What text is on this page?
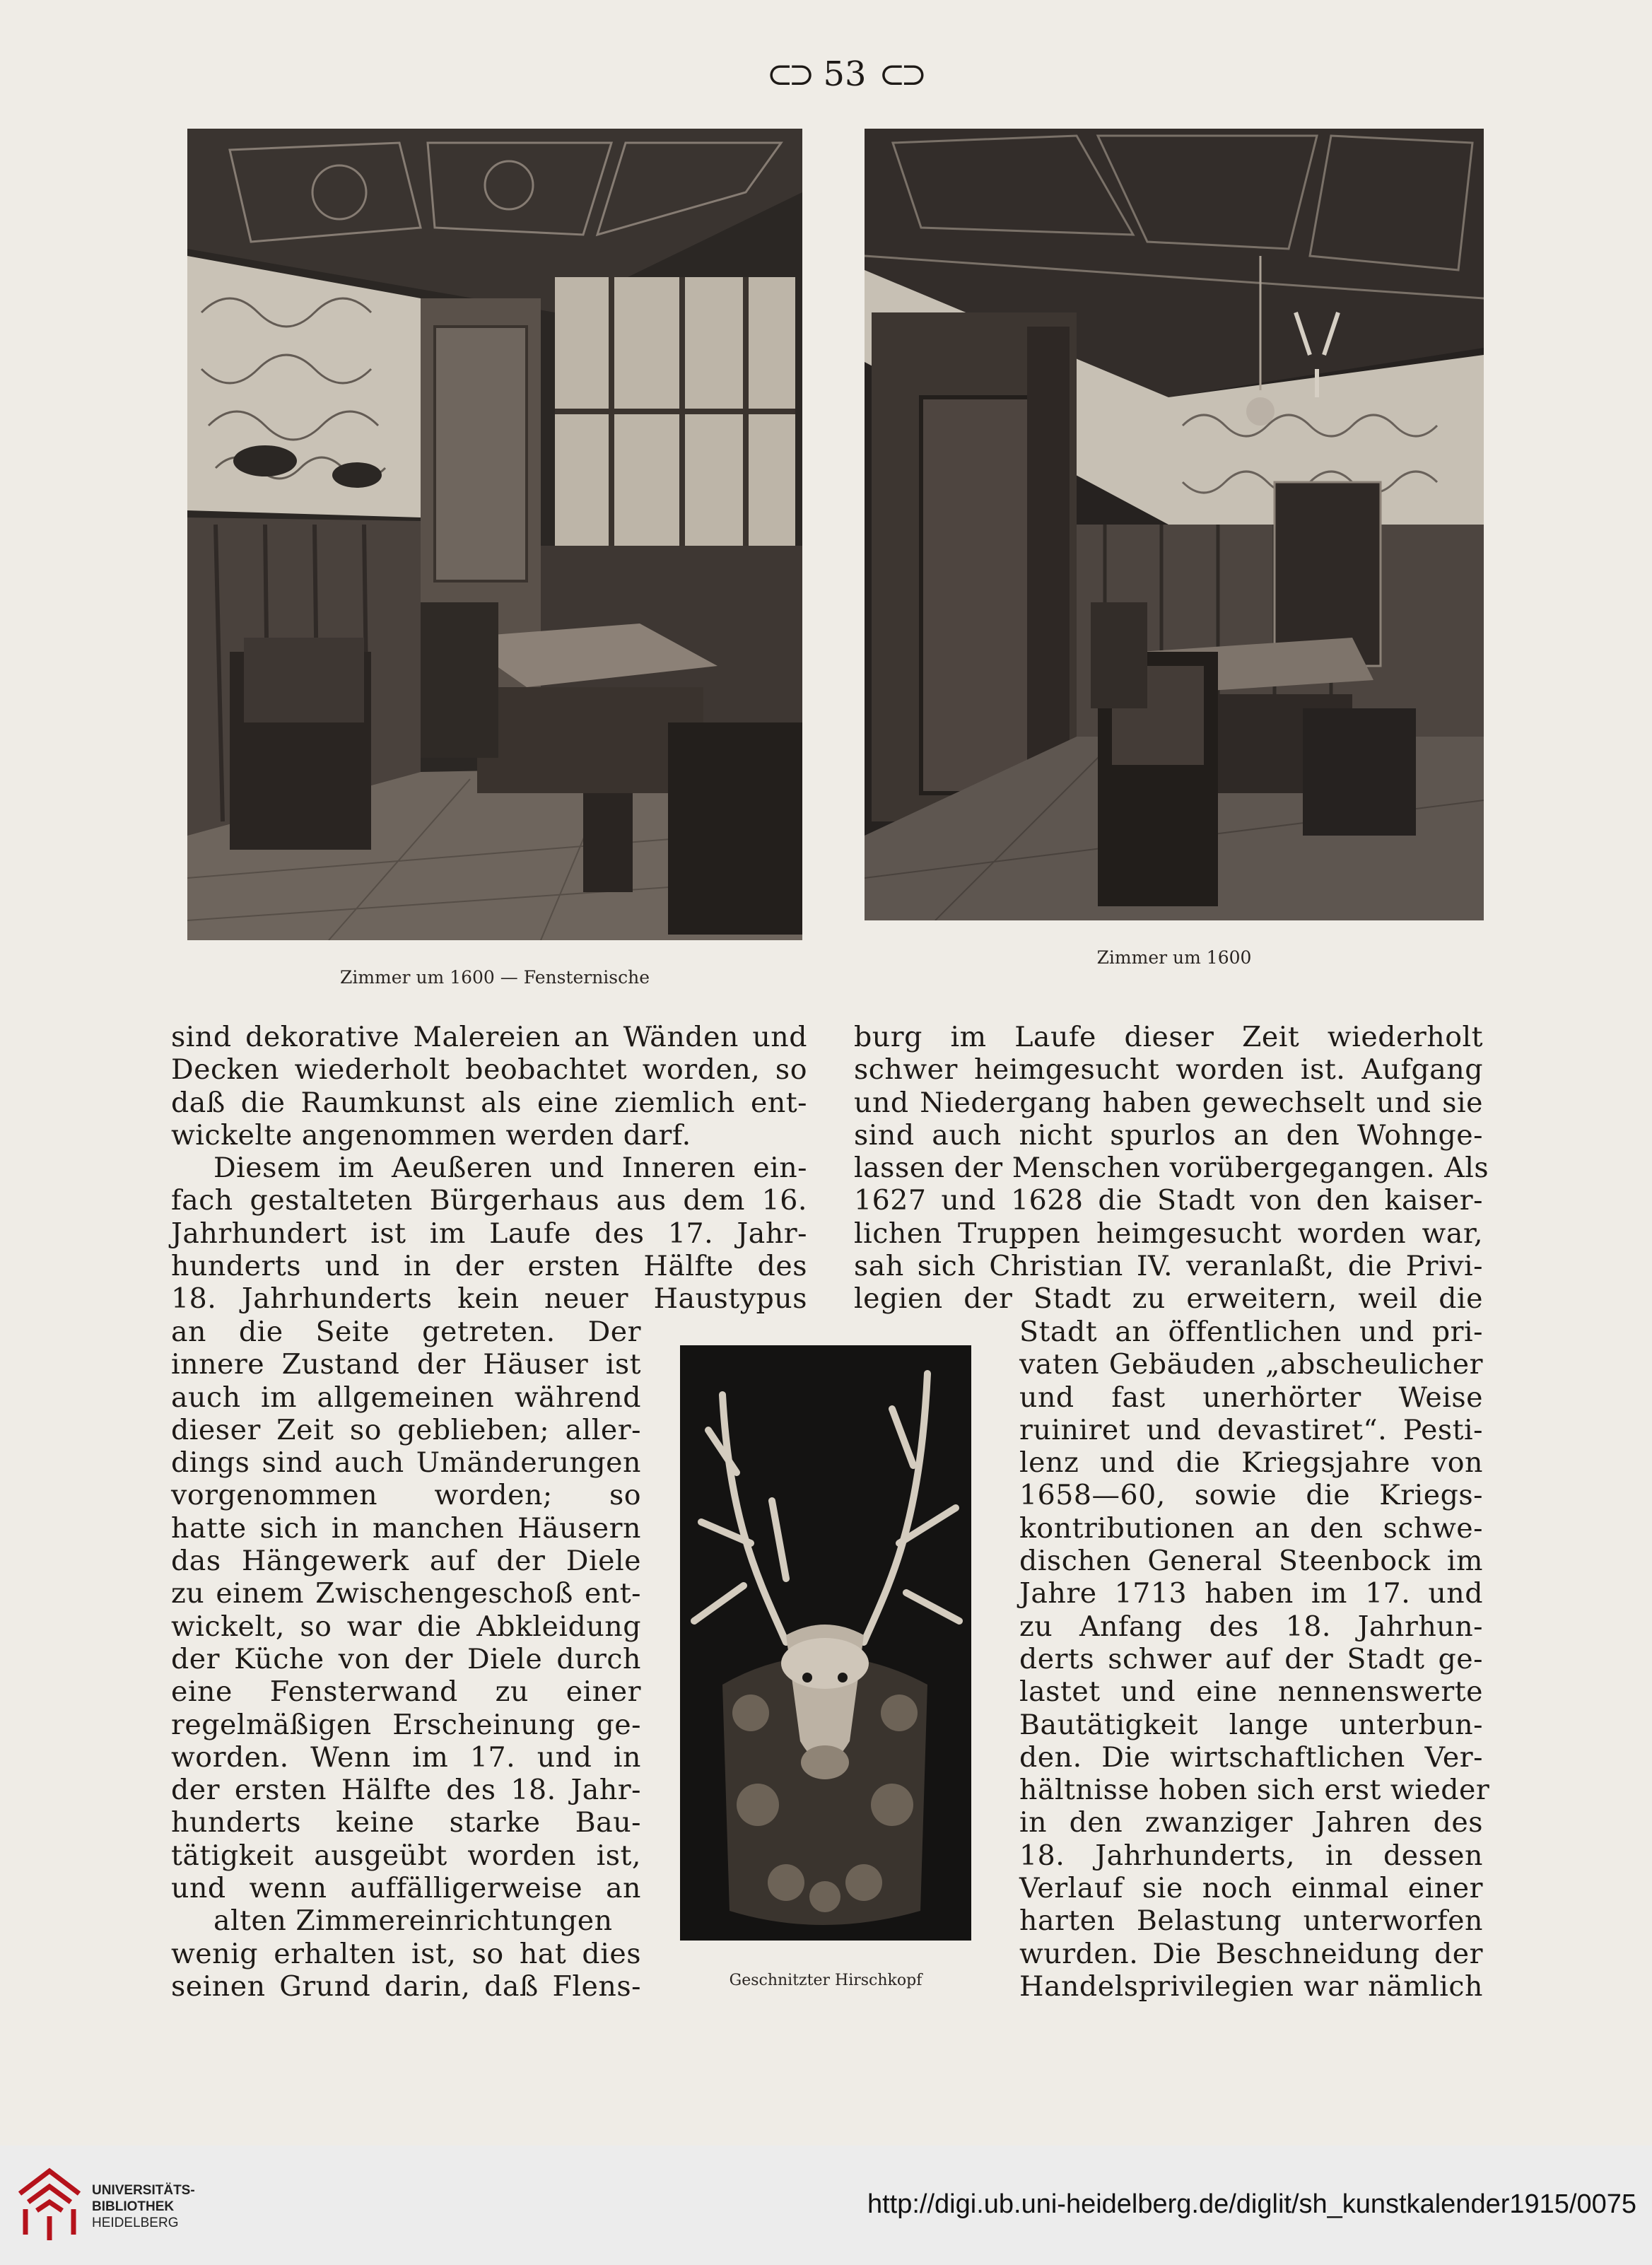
⊂⊃ 53 ⊂⊃
Zimmer um 1600 — Fensternische
Zimmer um 1600
Geschnitzter Hirschkopf
sind dekorative Malereien an Wänden und
Decken wiederholt beobachtet worden, so
daß die Raumkunst als eine ziemlich ent-
wickelte angenommen werden darf.
Diesem im Aeußeren und Inneren ein-
fach gestalteten Bürgerhaus aus dem 16.
Jahrhundert ist im Laufe des 17. Jahr-
hunderts und in der ersten Hälfte des
18. Jahrhunderts kein neuer Haustypus
an die Seite getreten. Der
innere Zustand der Häuser ist
auch im allgemeinen während
dieser Zeit so geblieben; aller-
dings sind auch Umänderungen
vorgenommen worden; so
hatte sich in manchen Häusern
das Hängewerk auf der Diele
zu einem Zwischengeschoß ent-
wickelt, so war die Abkleidung
der Küche von der Diele durch
eine Fensterwand zu einer
regelmäßigen Erscheinung ge-
worden. Wenn im 17. und in
der ersten Hälfte des 18. Jahr-
hunderts keine starke Bau-
tätigkeit ausgeübt worden ist,
und wenn auffälligerweise an
alten Zimmereinrichtungen
wenig erhalten ist, so hat dies
seinen Grund darin, daß Flens-
burg im Laufe dieser Zeit wiederholt
schwer heimgesucht worden ist. Aufgang
und Niedergang haben gewechselt und sie
sind auch nicht spurlos an den Wohnge-
lassen der Menschen vorübergegangen. Als
1627 und 1628 die Stadt von den kaiser-
lichen Truppen heimgesucht worden war,
sah sich Christian IV. veranlaßt, die Privi-
legien der Stadt zu erweitern, weil die
Stadt an öffentlichen und pri-
vaten Gebäuden „abscheulicher
und fast unerhörter Weise
ruiniret und devastiret“. Pesti-
lenz und die Kriegsjahre von
1658—60, sowie die Kriegs-
kontributionen an den schwe-
dischen General Steenbock im
Jahre 1713 haben im 17. und
zu Anfang des 18. Jahrhun-
derts schwer auf der Stadt ge-
lastet und eine nennenswerte
Bautätigkeit lange unterbun-
den. Die wirtschaftlichen Ver-
hältnisse hoben sich erst wieder
in den zwanziger Jahren des
18. Jahrhunderts, in dessen
Verlauf sie noch einmal einer
harten Belastung unterworfen
wurden. Die Beschneidung der
Handelsprivilegien war nämlich
UNIVERSITÄTS-
BIBLIOTHEK
HEIDELBERG
http://digi.ub.uni-heidelberg.de/diglit/sh_kunstkalender1915/0075
